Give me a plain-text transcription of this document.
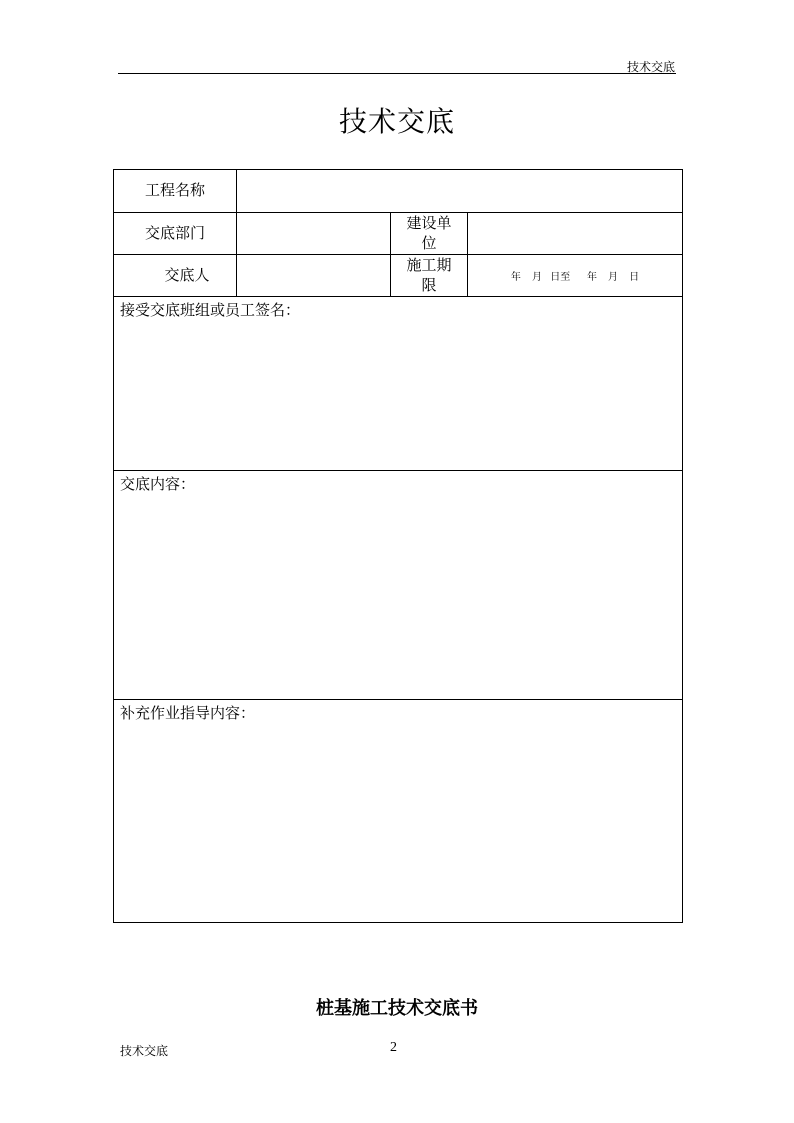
技术交底
技术交底
工程名称			
交底部门		建设单位	
交底人		施工期限	年    月   日至      年    月    日
接受交底班组或员工签名：			
交底内容：			
补充作业指导内容：			
桩基施工技术交底书
技术交底	2
